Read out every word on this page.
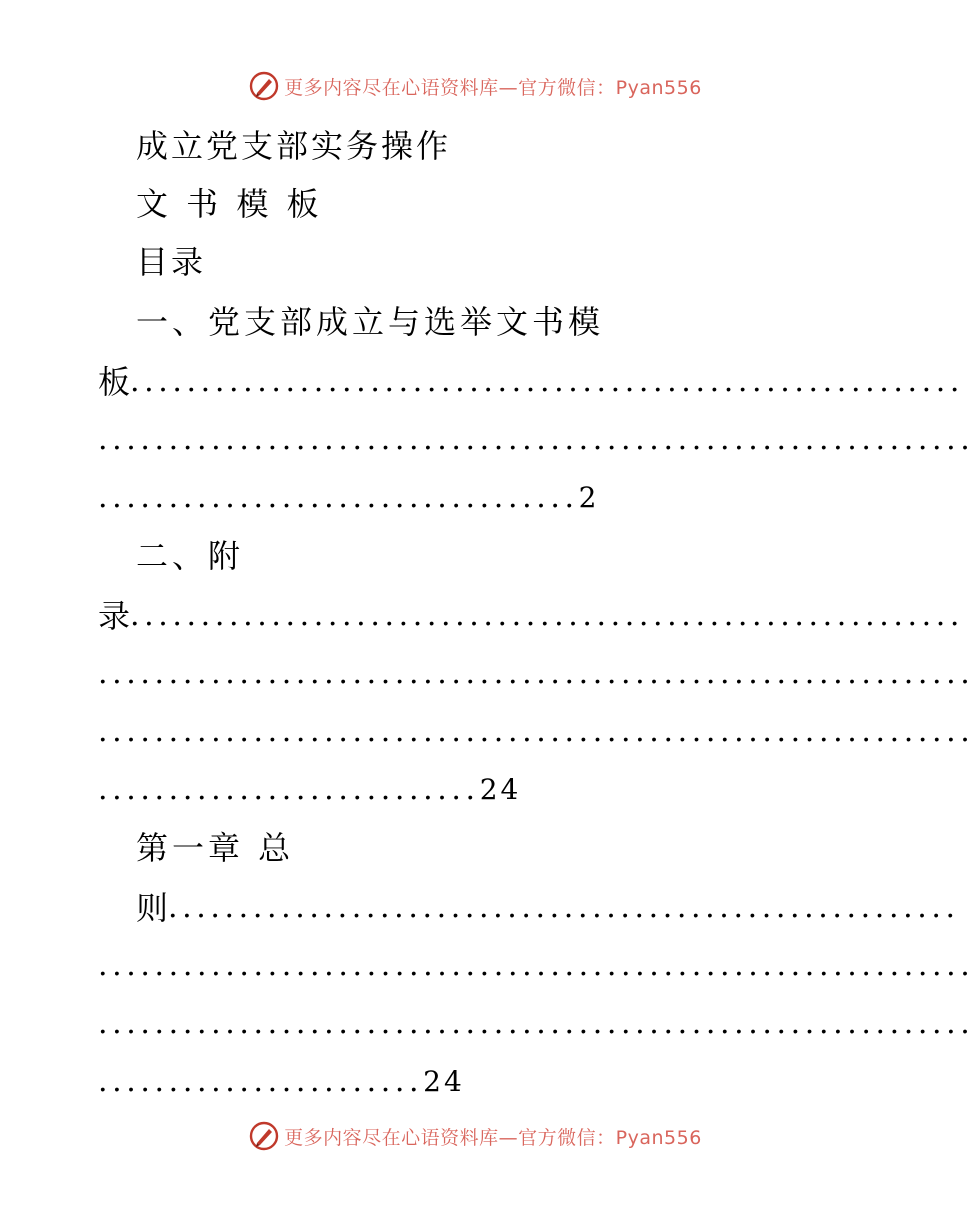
更多内容尽在心语资料库—官方微信：Pyan556
成立党支部实务操作
文 书 模 板
目录
一、党支部成立与选举文书模
板
...........................................................
..............................................................
..................................2
二、附
录
...........................................................
..............................................................
..............................................................
...........................24
第一章 总
则
........................................................
..............................................................
..............................................................
.......................24
更多内容尽在心语资料库—官方微信：Pyan556
